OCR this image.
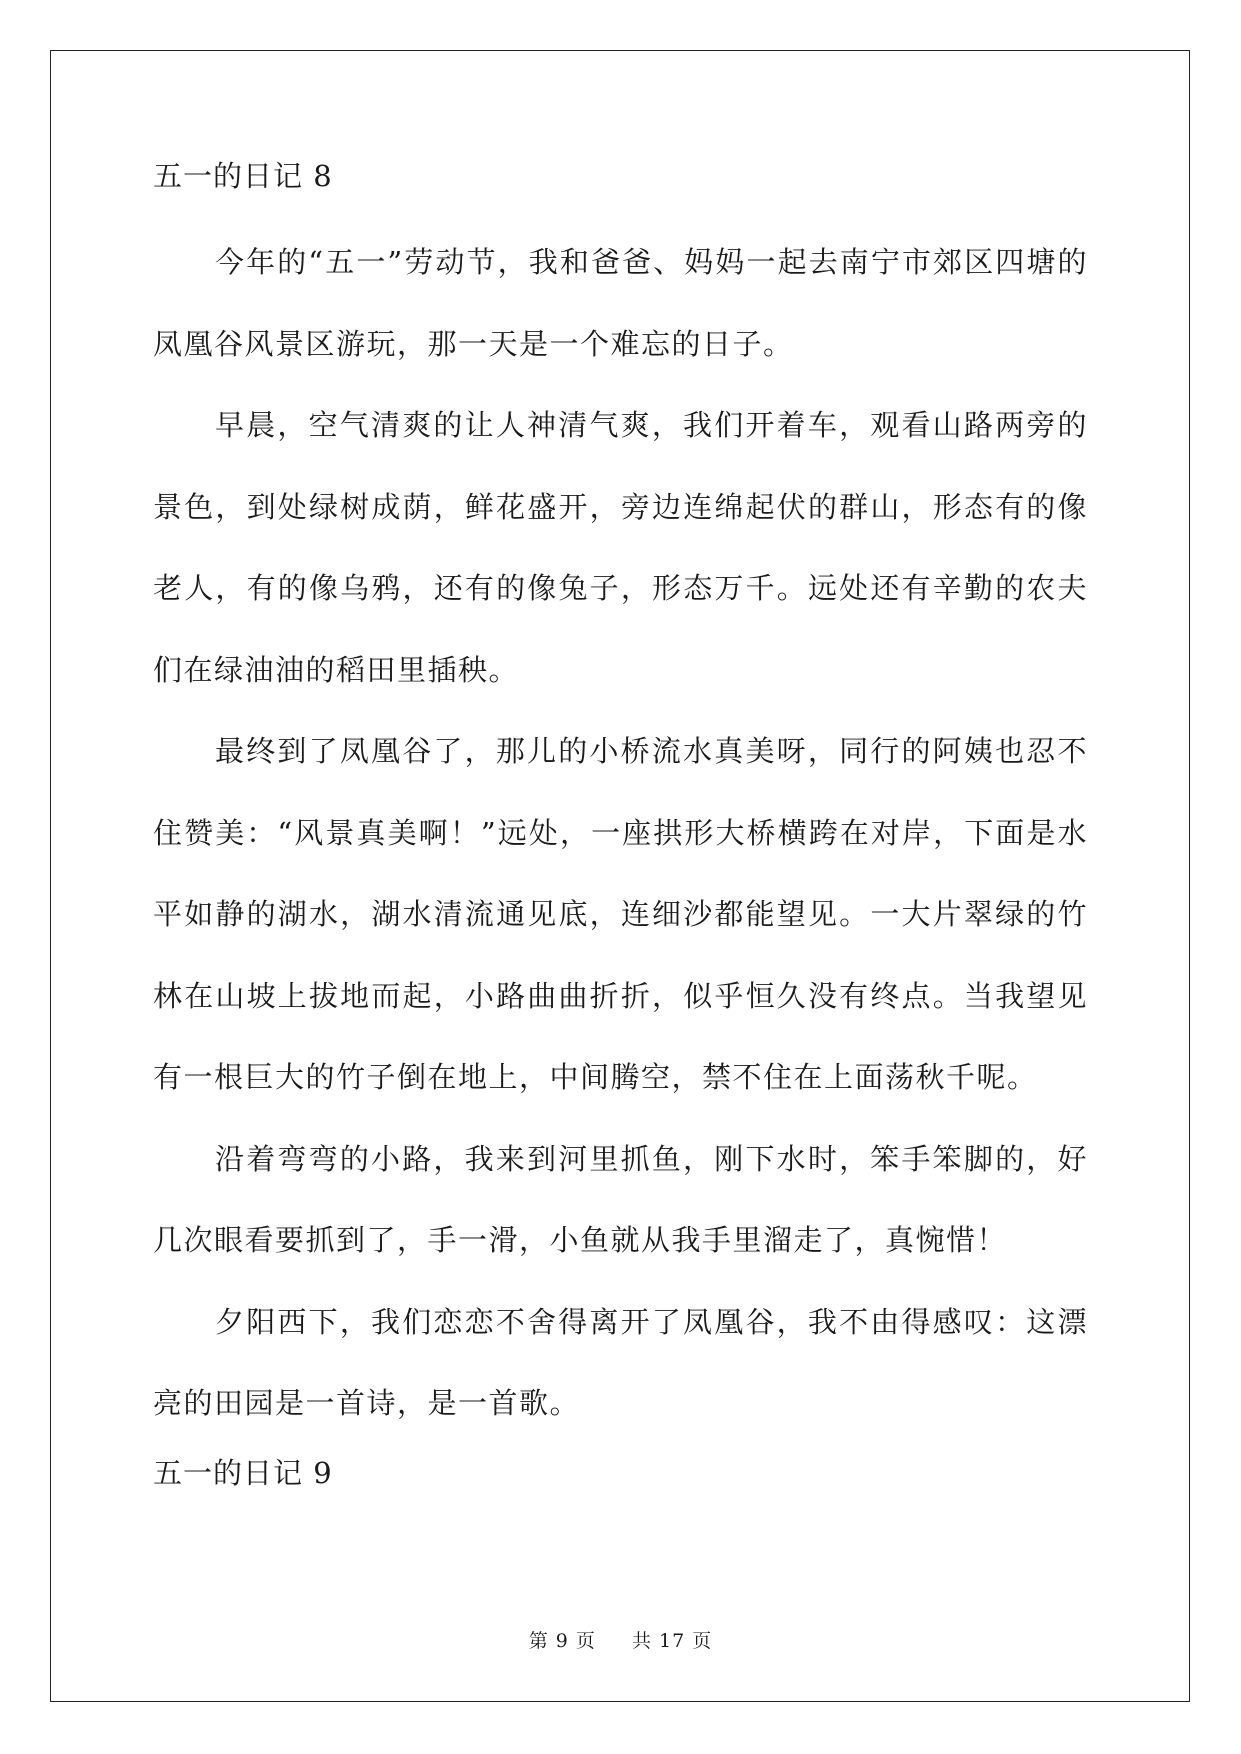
五一的日记 8

今年的“五一”劳动节，我和爸爸、妈妈一起去南宁市郊区四塘的凤凰谷风景区游玩，那一天是一个难忘的日子。

早晨，空气清爽的让人神清气爽，我们开着车，观看山路两旁的景色，到处绿树成荫，鲜花盛开，旁边连绵起伏的群山，形态有的像老人，有的像乌鸦，还有的像兔子，形态万千。远处还有辛勤的农夫们在绿油油的稻田里插秧。

最终到了凤凰谷了，那儿的小桥流水真美呀，同行的阿姨也忍不住赞美：“风景真美啊！”远处，一座拱形大桥横跨在对岸，下面是水平如静的湖水，湖水清流通见底，连细沙都能望见。一大片翠绿的竹林在山坡上拔地而起，小路曲曲折折，似乎恒久没有终点。当我望见有一根巨大的竹子倒在地上，中间腾空，禁不住在上面荡秋千呢。

沿着弯弯的小路，我来到河里抓鱼，刚下水时，笨手笨脚的，好几次眼看要抓到了，手一滑，小鱼就从我手里溜走了，真惋惜！

夕阳西下，我们恋恋不舍得离开了凤凰谷，我不由得感叹：这漂亮的田园是一首诗，是一首歌。

五一的日记 9
第 9 页 共 17 页
